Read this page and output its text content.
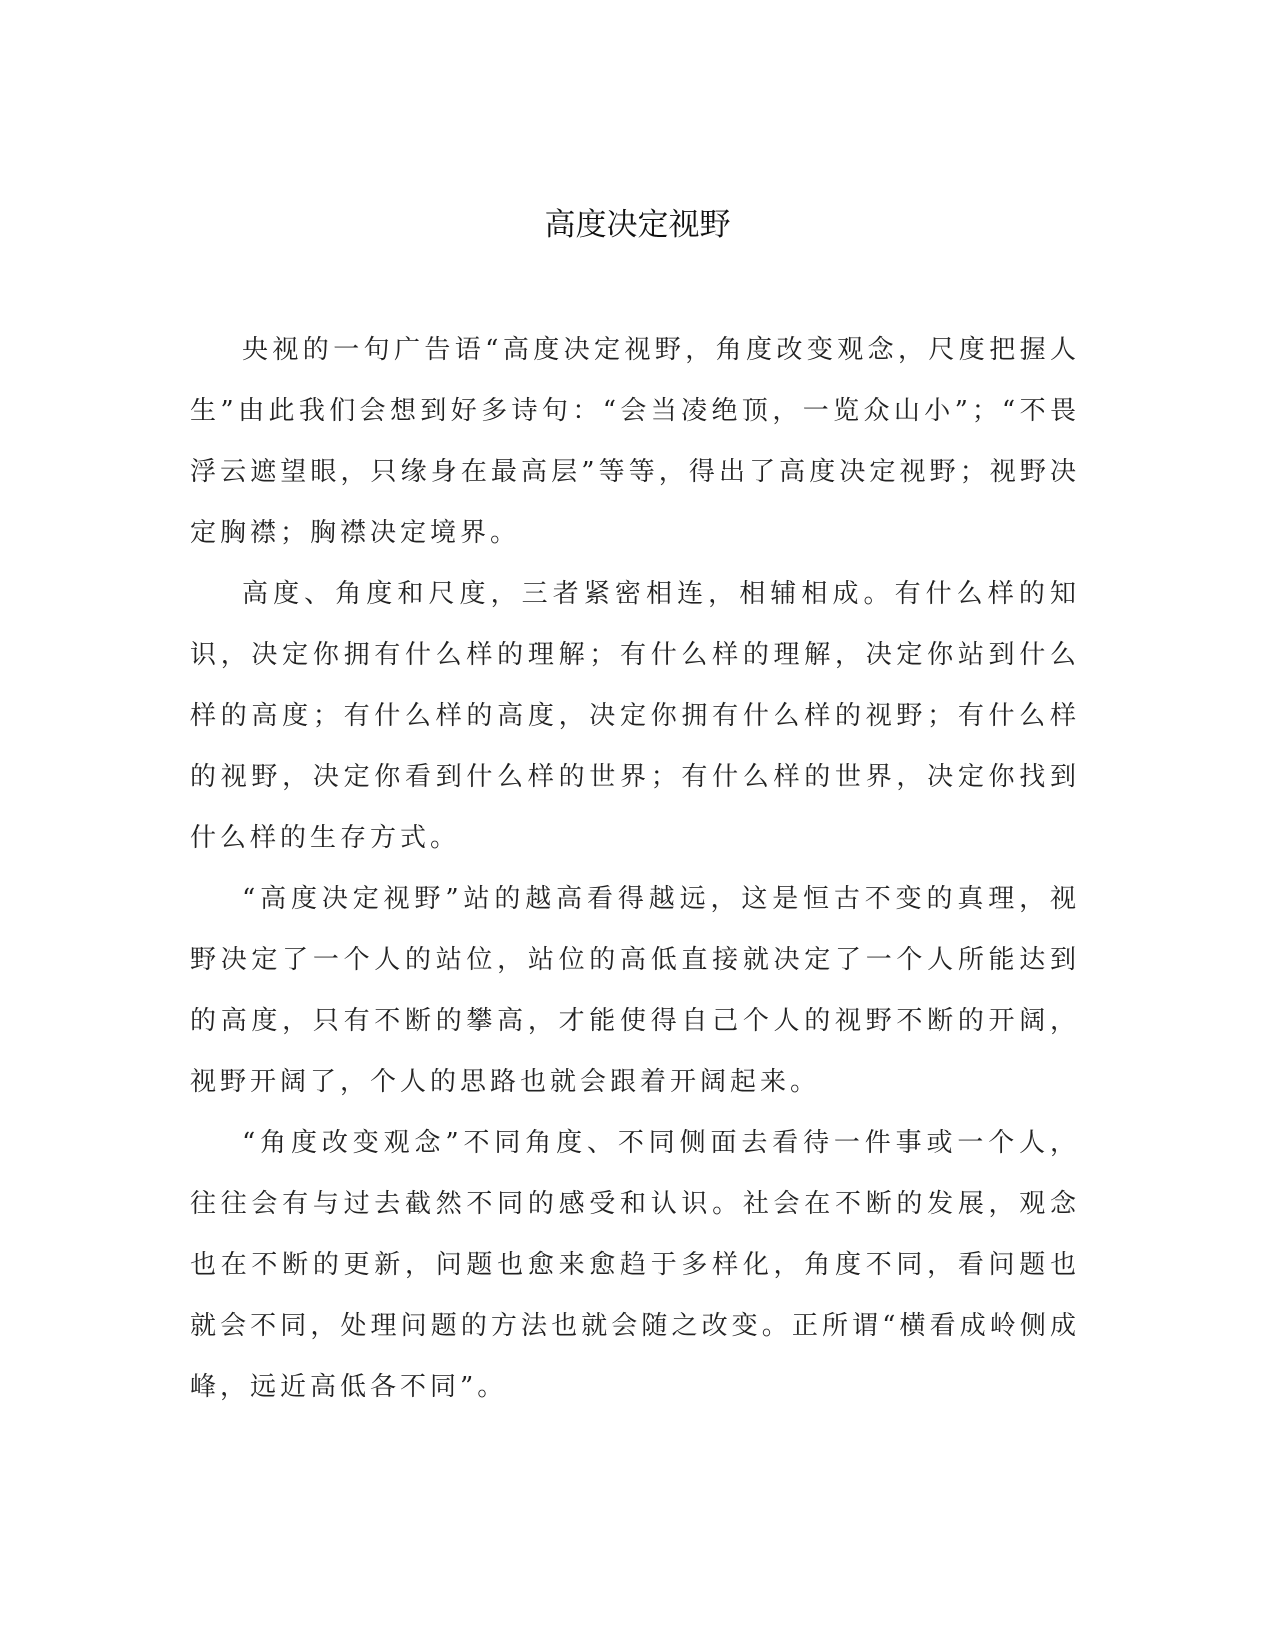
高度决定视野

央视的一句广告语“高度决定视野，角度改变观念，尺度把握人生”由此我们会想到好多诗句：“会当凌绝顶，一览众山小”；“不畏浮云遮望眼，只缘身在最高层”等等，得出了高度决定视野；视野决定胸襟；胸襟决定境界。

高度、角度和尺度，三者紧密相连，相辅相成。有什么样的知识，决定你拥有什么样的理解；有什么样的理解，决定你站到什么样的高度；有什么样的高度，决定你拥有什么样的视野；有什么样的视野，决定你看到什么样的世界；有什么样的世界，决定你找到什么样的生存方式。

“高度决定视野”站的越高看得越远，这是恒古不变的真理，视野决定了一个人的站位，站位的高低直接就决定了一个人所能达到的高度，只有不断的攀高，才能使得自己个人的视野不断的开阔，视野开阔了，个人的思路也就会跟着开阔起来。

“角度改变观念”不同角度、不同侧面去看待一件事或一个人，往往会有与过去截然不同的感受和认识。社会在不断的发展，观念也在不断的更新，问题也愈来愈趋于多样化，角度不同，看问题也就会不同，处理问题的方法也就会随之改变。正所谓“横看成岭侧成峰，远近高低各不同”。
